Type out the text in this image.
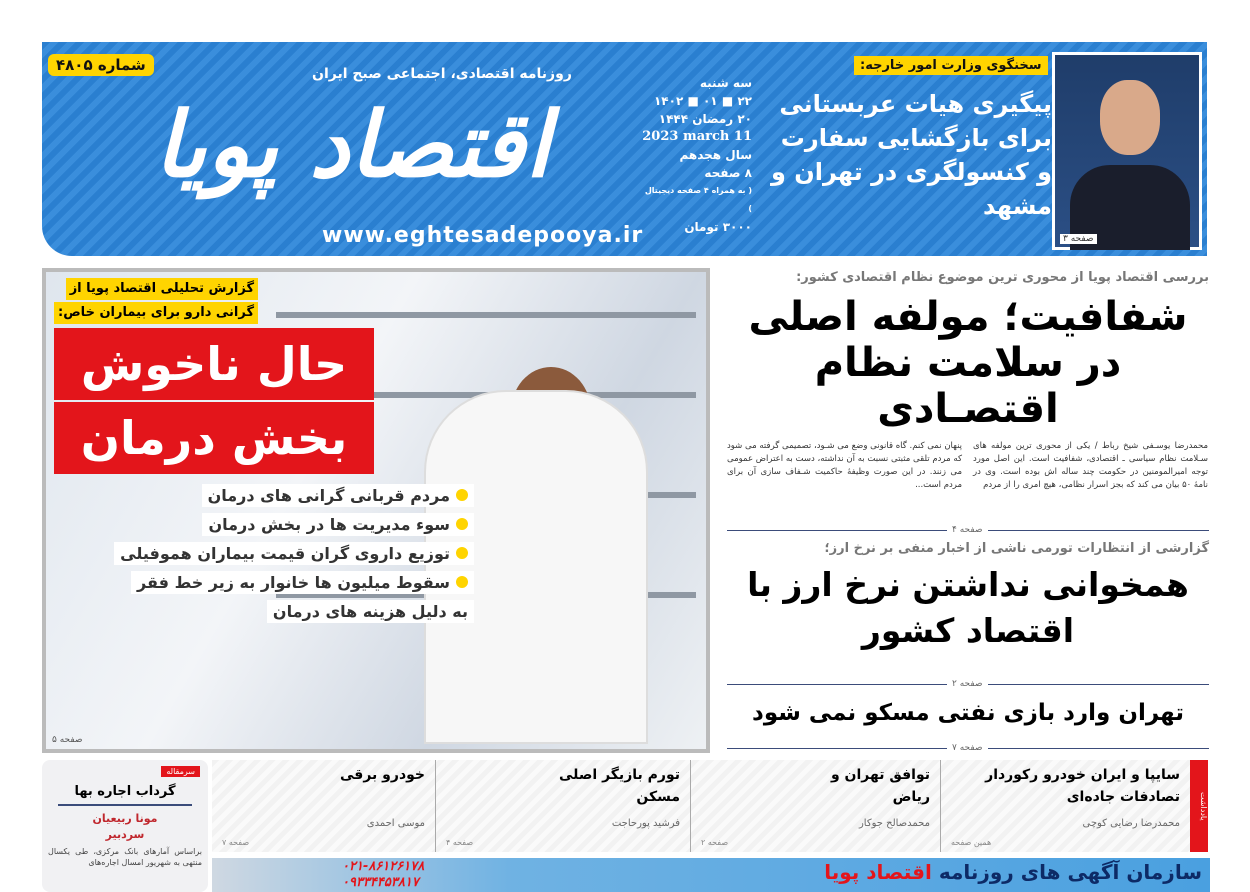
شماره ۴۸۰۵	روزنامه اقتصادی، اجتماعی صبح ایران
اقتصاد پویا
www.eghtesadepooya.ir
سه شنبه
۲۲ ■ ۰۱ ■ ۱۴۰۲
۲۰ رمضان ۱۴۴۴
2023 march 11
سال هجدهم
۸ صفحه
( به همراه ۴ صفحه دیجیتال )
۳۰۰۰ تومان
سخنگوی وزارت امور خارجه:
پیگیری هیات عربستانی برای بازگشایی سفارت و کنسولگری در تهران و مشهد
صفحه ۳
گزارش تحلیلی اقتصاد پویا از
گرانی دارو برای بیماران خاص:
حال ناخوش
بخش درمان
مردم قربانی گرانی های درمان
سوء مدیریت ها در بخش درمان
توزیع داروی گران قیمت بیماران هموفیلی
سقوط میلیون ها خانوار به زیر خط فقر
به دلیل هزینه های درمان
صفحه ۵
بررسی اقتصاد پویا از محوری ترین موضوع نظام اقتصادی کشور:
شفافیت؛ مولفه اصلی در سلامت نظام اقتصـادی
محمدرضا یوسـفی شیخ رباط / یکی از محوری ترین مولفه های سـلامت نظام سیاسی ـ اقتصادی، شفافیت است. این اصل مورد توجه امیرالمومنین در حکومت چند ساله اش بوده است. وی در نامهٔ ۵۰ بیان می کند که بجز اسرار نظامی، هیچ امری را از مردم
پنهان نمی کنم. گاه قانونی وضع می شـود، تصمیمی گرفته می شود که مردم تلقی مثبتی نسبت به آن نداشته، دست به اعتراض عمومی می زنند. در این صورت وظیفهٔ حاکمیت شـفاف سازی آن برای مردم است...
صفحه ۴
گزارشی از انتظارات تورمی ناشی از اخبار منفی بر نرخ ارز؛
همخوانی نداشتن نرخ ارز با اقتصاد کشور
صفحه ۲
تهران وارد بازی نفتی مسکو نمی شود
صفحه ۷
سایپا و ایران خودرو رکوردار تصادفات جاده‌ای
محمدرضا رضایی کوچی
همین صفحه
توافق تهران و ریاض
محمدصالح جوکار
صفحه ۲
تورم بازیگر اصلی مسکن
فرشید پورحاجت
صفحه ۴
خودرو برقی
موسی احمدی
صفحه ۷
یادداشت
سرمقاله
گرداب اجاره بها
مونا ربیعیان
سردبیر
براساس آمارهای بانک مرکزی، طی یکسال منتهی به شهریور امسال اجاره‌های	سازمان آگهی های روزنامه اقتصاد پویا
۰۲۱-۸۶۱۲۶۱۷۸
۰۹۳۳۴۴۵۳۸۱۷
